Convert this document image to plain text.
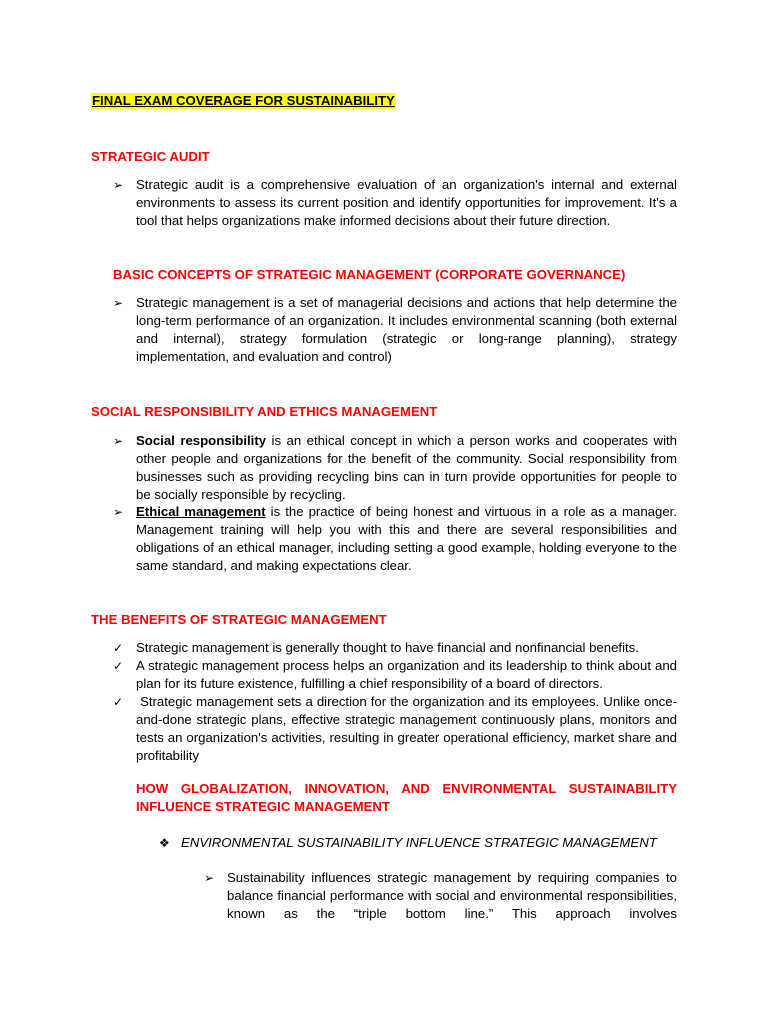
FINAL EXAM COVERAGE FOR SUSTAINABILITY
STRATEGIC AUDIT
➢ Strategic audit is a comprehensive evaluation of an organization's internal and external environments to assess its current position and identify opportunities for improvement. It's a tool that helps organizations make informed decisions about their future direction.
BASIC CONCEPTS OF STRATEGIC MANAGEMENT (CORPORATE GOVERNANCE)
➢ Strategic management is a set of managerial decisions and actions that help determine the long-term performance of an organization. It includes environmental scanning (both external and internal), strategy formulation (strategic or long-range planning), strategy implementation, and evaluation and control)
SOCIAL RESPONSIBILITY AND ETHICS MANAGEMENT
➢ Social responsibility is an ethical concept in which a person works and cooperates with other people and organizations for the benefit of the community. Social responsibility from businesses such as providing recycling bins can in turn provide opportunities for people to be socially responsible by recycling.
➢ Ethical management is the practice of being honest and virtuous in a role as a manager. Management training will help you with this and there are several responsibilities and obligations of an ethical manager, including setting a good example, holding everyone to the same standard, and making expectations clear.
THE BENEFITS OF STRATEGIC MANAGEMENT
✓ Strategic management is generally thought to have financial and nonfinancial benefits.
✓ A strategic management process helps an organization and its leadership to think about and plan for its future existence, fulfilling a chief responsibility of a board of directors.
✓ Strategic management sets a direction for the organization and its employees. Unlike once-and-done strategic plans, effective strategic management continuously plans, monitors and tests an organization's activities, resulting in greater operational efficiency, market share and profitability
HOW GLOBALIZATION, INNOVATION, AND ENVIRONMENTAL SUSTAINABILITY INFLUENCE STRATEGIC MANAGEMENT
❖ ENVIRONMENTAL SUSTAINABILITY INFLUENCE STRATEGIC MANAGEMENT
➢ Sustainability influences strategic management by requiring companies to balance financial performance with social and environmental responsibilities, known as the “triple bottom line.” This approach involves
